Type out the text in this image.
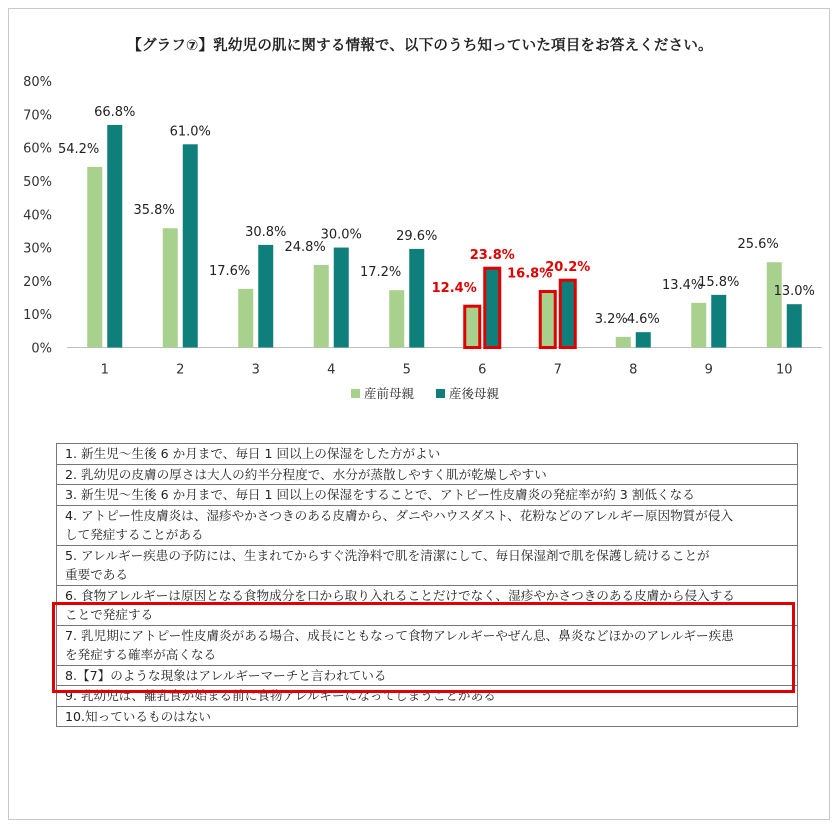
【グラフ⑦】乳幼児の肌に関する情報で、以下のうち知っていた項目をお答えください。
0%
10%
20%
30%
40%
50%
60%
70%
80%
54.2%
66.8%
1
35.8%
61.0%
2
17.6%
30.8%
3
24.8%
30.0%
4
17.2%
29.6%
5
12.4%
23.8%
6
16.8%
20.2%
7
3.2%
4.6%
8
13.4%
15.8%
9
25.6%
13.0%
10
産前母親	産後母親
1. 新生児〜生後 6 か月まで、毎日 1 回以上の保湿をした方がよい
2. 乳幼児の皮膚の厚さは大人の約半分程度で、水分が蒸散しやすく肌が乾燥しやすい
3. 新生児〜生後 6 か月まで、毎日 1 回以上の保湿をすることで、アトピー性皮膚炎の発症率が約 3 割低くなる
4. アトピー性皮膚炎は、湿疹やかさつきのある皮膚から、ダニやハウスダスト、花粉などのアレルギー原因物質が侵入
して発症することがある
5. アレルギー疾患の予防には、生まれてからすぐ洗浄料で肌を清潔にして、毎日保湿剤で肌を保護し続けることが
重要である
6. 食物アレルギーは原因となる食物成分を口から取り入れることだけでなく、湿疹やかさつきのある皮膚から侵入する
ことで発症する
7. 乳児期にアトピー性皮膚炎がある場合、成長にともなって食物アレルギーやぜん息、鼻炎などほかのアレルギー疾患
を発症する確率が高くなる
8.【7】のような現象はアレルギーマーチと言われている
9. 乳幼児は、離乳食が始まる前に食物アレルギーになってしまうことがある
10.知っているものはない
